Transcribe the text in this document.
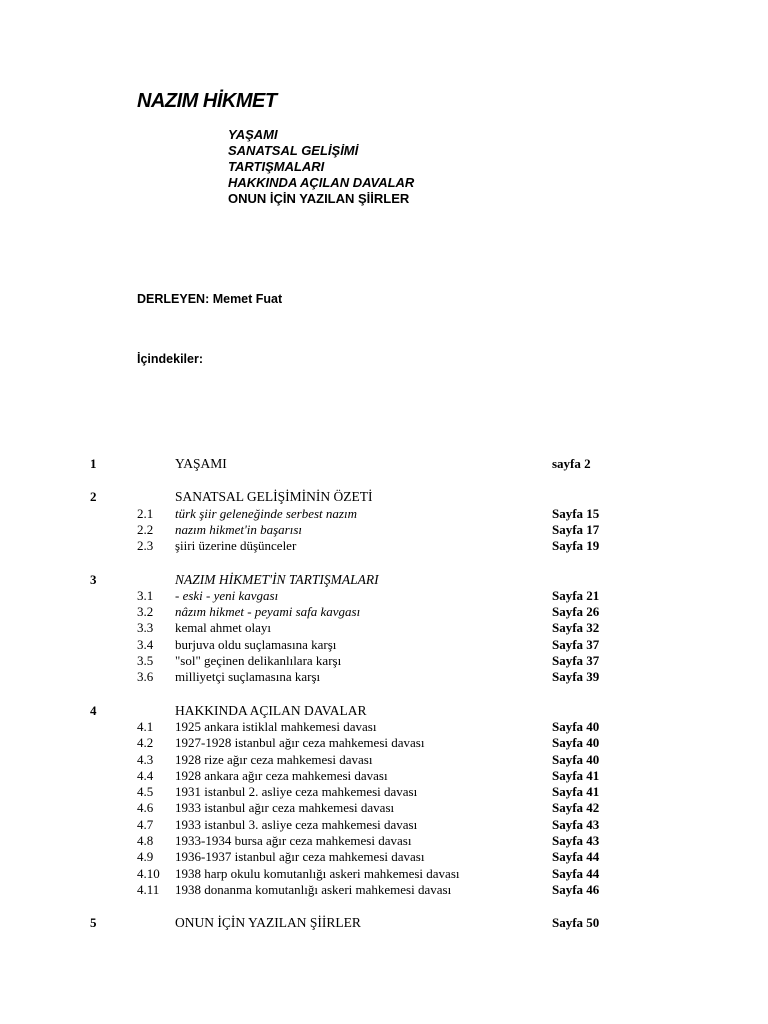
NAZIM HİKMET
YAŞAMI
SANATSAL GELİŞİMİ
TARTIŞMALARI
HAKKINDA AÇILAN DAVALAR
ONUN İÇİN YAZILAN ŞİİRLER
DERLEYEN: Memet Fuat
İçindekiler:
1	YAŞAMI	sayfa 2
2	SANATSAL GELİŞİMİNİN ÖZETİ
2.1 türk şiir geleneğinde serbest nazım	Sayfa 15
2.2 nazım hikmet'in başarısı	Sayfa 17
2.3 şiiri üzerine düşünceler	Sayfa 19
3	NAZIM HİKMET'İN TARTIŞMALARI
3.1 - eski - yeni kavgası	Sayfa 21
3.2 nâzım hikmet - peyami safa kavgası	Sayfa 26
3.3 kemal ahmet olayı	Sayfa 32
3.4 burjuva oldu suçlamasına karşı	Sayfa 37
3.5 "sol" geçinen delikanlılara karşı	Sayfa 37
3.6 milliyetçi suçlamasına karşı	Sayfa 39
4	HAKKINDA AÇILAN DAVALAR
4.1 1925 ankara istiklal mahkemesi davası	Sayfa 40
4.2 1927-1928 istanbul ağır ceza mahkemesi davası	Sayfa 40
4.3 1928 rize ağır ceza mahkemesi davası	Sayfa 40
4.4 1928 ankara ağır ceza mahkemesi davası	Sayfa 41
4.5 1931 istanbul 2. asliye ceza mahkemesi davası	Sayfa 41
4.6 1933 istanbul ağır ceza mahkemesi davası	Sayfa 42
4.7 1933 istanbul 3. asliye ceza mahkemesi davası	Sayfa 43
4.8 1933-1934 bursa ağır ceza mahkemesi davası	Sayfa 43
4.9 1936-1937 istanbul ağır ceza mahkemesi davası	Sayfa 44
4.10 1938 harp okulu komutanlığı askeri mahkemesi davası	Sayfa 44
4.11 1938 donanma komutanlığı askeri mahkemesi davası	Sayfa 46
5	ONUN İÇİN YAZILAN ŞİİRLER	Sayfa 50
